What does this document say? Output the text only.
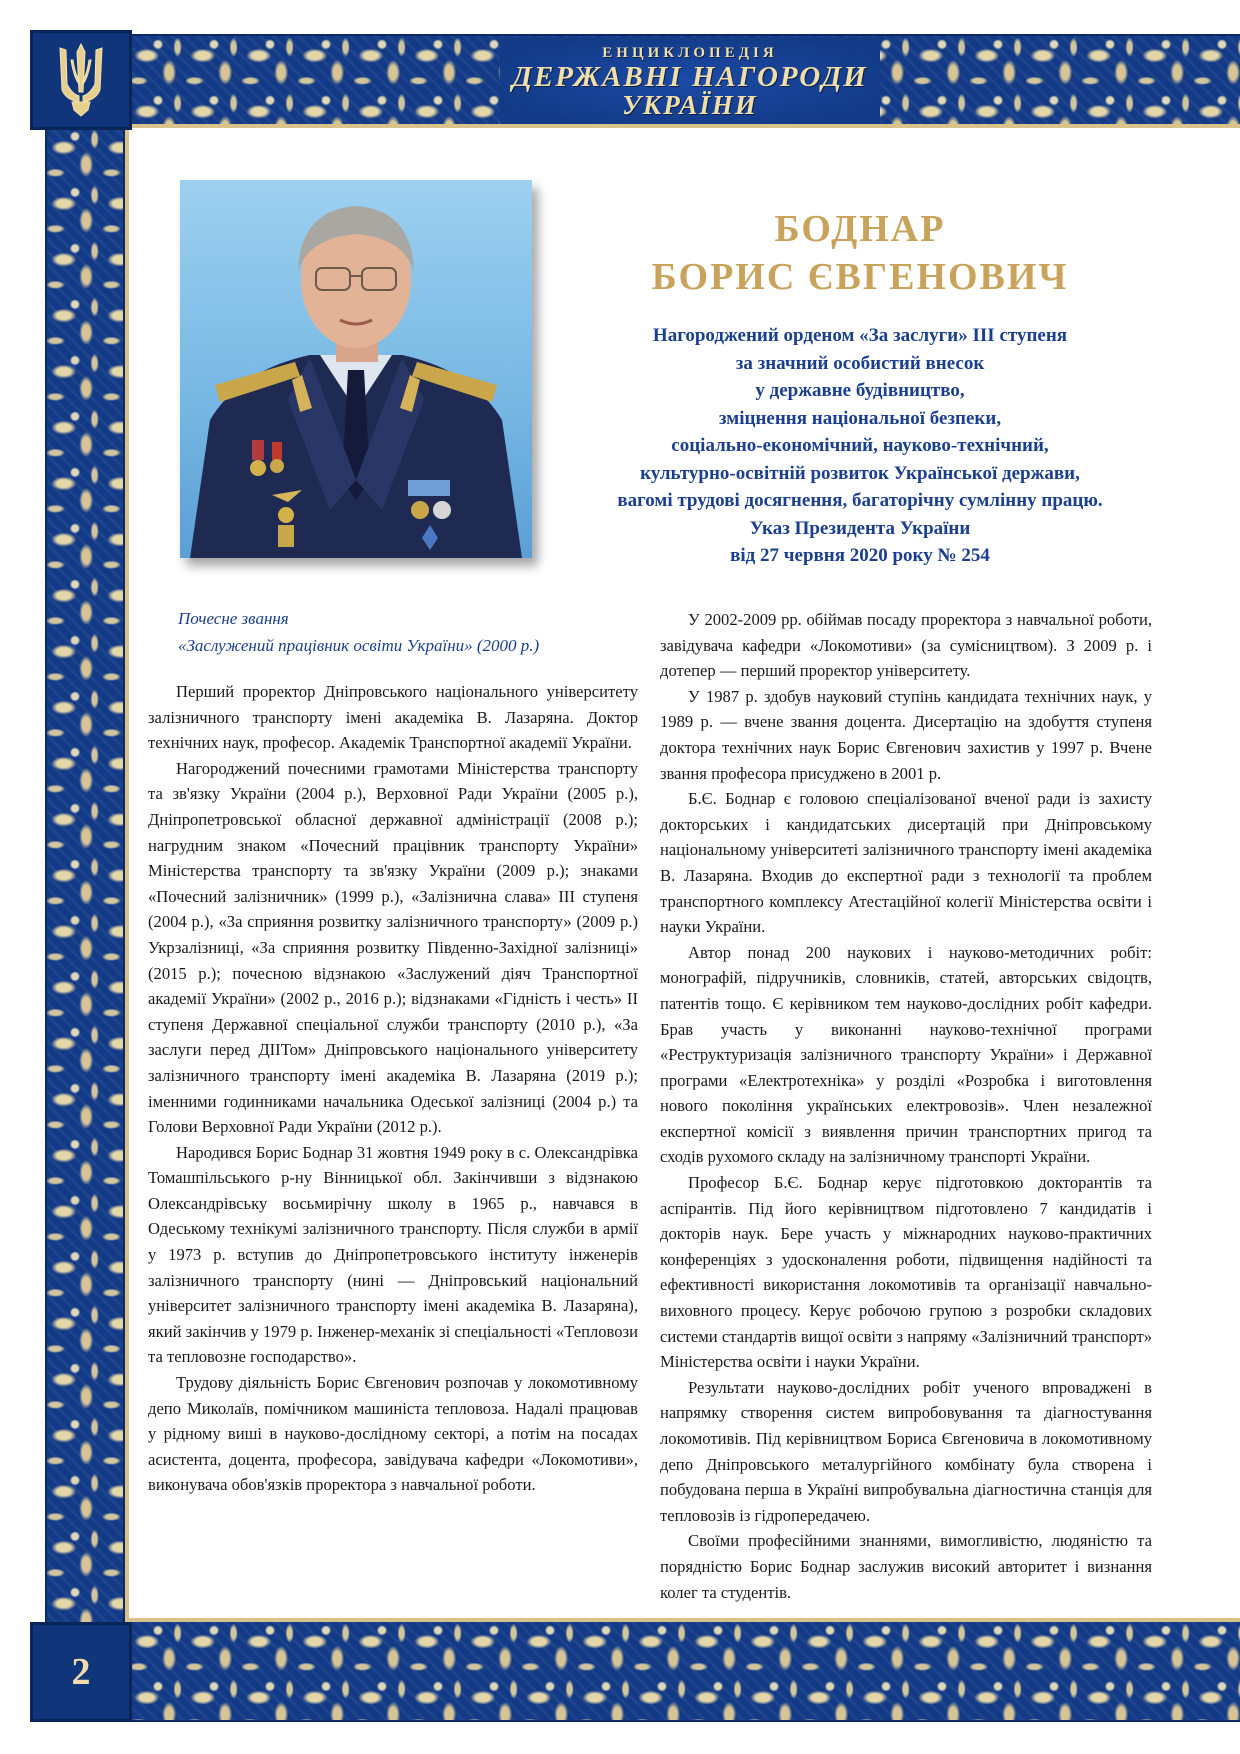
2
ЕНЦИКЛОПЕДІЯ
ДЕРЖАВНІ НАГОРОДИ
УКРАЇНИ
БОДНАР
БОРИС ЄВГЕНОВИЧ
Нагороджений орденом «За заслуги» ІІІ ступеня
за значний особистий внесок
у державне будівництво,
зміцнення національної безпеки,
соціально-економічний, науково-технічний,
культурно-освітній розвиток Української держави,
вагомі трудові досягнення, багаторічну сумлінну працю.
Указ Президента України
від 27 червня 2020 року № 254
Почесне звання
«Заслужений працівник освіти України» (2000 р.)

Перший проректор Дніпровського національного університету залізничного транспорту імені академіка В. Лазаряна. Доктор технічних наук, професор. Академік Транспортної академії України.

Нагороджений почесними грамотами Міністерства транспорту та зв'язку України (2004 р.), Верховної Ради України (2005 р.), Дніпропетровської обласної державної адміністрації (2008 р.); нагрудним знаком «Почесний працівник транспорту України» Міністерства транспорту та зв'язку України (2009 р.); знаками «Почесний залізничник» (1999 р.), «Залізнична слава» ІІІ ступеня (2004 р.), «За сприяння розвитку залізничного транспорту» (2009 р.) Укрзалізниці, «За сприяння розвитку Південно-Західної залізниці» (2015 р.); почесною відзнакою «Заслужений діяч Транспортної академії України» (2002 р., 2016 р.); відзнаками «Гідність і честь» ІІ ступеня Державної спеціальної служби транспорту (2010 р.), «За заслуги перед ДІІТом» Дніпровського національного університету залізничного транспорту імені академіка В. Лазаряна (2019 р.); іменними годинниками начальника Одеської залізниці (2004 р.) та Голови Верховної Ради України (2012 р.).

Народився Борис Боднар 31 жовтня 1949 року в с. Олександрівка Томашпільського р-ну Вінницької обл. Закінчивши з відзнакою Олександрівську восьмирічну школу в 1965 р., навчався в Одеському технікумі залізничного транспорту. Після служби в армії у 1973 р. вступив до Дніпропетровського інституту інженерів залізничного транспорту (нині — Дніпровський національний університет залізничного транспорту імені академіка В. Лазаряна), який закінчив у 1979 р. Інженер-механік зі спеціальності «Тепловози та тепловозне господарство».

Трудову діяльність Борис Євгенович розпочав у локомотивному депо Миколаїв, помічником машиніста тепловоза. Надалі працював у рідному виші в науково-дослідному секторі, а потім на посадах асистента, доцента, професора, завідувача кафедри «Локомотиви», виконувача обов'язків проректора з навчальної роботи.

У 2002-2009 рр. обіймав посаду проректора з навчальної роботи, завідувача кафедри «Локомотиви» (за сумісництвом). З 2009 р. і дотепер — перший проректор університету.

У 1987 р. здобув науковий ступінь кандидата технічних наук, у 1989 р. — вчене звання доцента. Дисертацію на здобуття ступеня доктора технічних наук Борис Євгенович захистив у 1997 р. Вчене звання професора присуджено в 2001 р.

Б.Є. Боднар є головою спеціалізованої вченої ради із захисту докторських і кандидатських дисертацій при Дніпровському національному університеті залізничного транспорту імені академіка В. Лазаряна. Входив до експертної ради з технології та проблем транспортного комплексу Атестаційної колегії Міністерства освіти і науки України.

Автор понад 200 наукових і науково-методичних робіт: монографій, підручників, словників, статей, авторських свідоцтв, патентів тощо. Є керівником тем науково-дослідних робіт кафедри. Брав участь у виконанні науково-технічної програми «Реструктуризація залізничного транспорту України» і Державної програми «Електротехніка» у розділі «Розробка і виготовлення нового покоління українських електровозів». Член незалежної експертної комісії з виявлення причин транспортних пригод та сходів рухомого складу на залізничному транспорті України.

Професор Б.Є. Боднар керує підготовкою докторантів та аспірантів. Під його керівництвом підготовлено 7 кандидатів і докторів наук. Бере участь у міжнародних науково-практичних конференціях з удосконалення роботи, підвищення надійності та ефективності використання локомотивів та організації навчально-виховного процесу. Керує робочою групою з розробки складових системи стандартів вищої освіти з напряму «Залізничний транспорт» Міністерства освіти і науки України.

Результати науково-дослідних робіт ученого впроваджені в напрямку створення систем випробовування та діагностування локомотивів. Під керівництвом Бориса Євгеновича в локомотивному депо Дніпровського металургійного комбінату була створена і побудована перша в Україні випробувальна діагностична станція для тепловозів із гідропередачею.

Своїми професійними знаннями, вимогливістю, людяністю та порядністю Борис Боднар заслужив високий авторитет і визнання колег та студентів.
